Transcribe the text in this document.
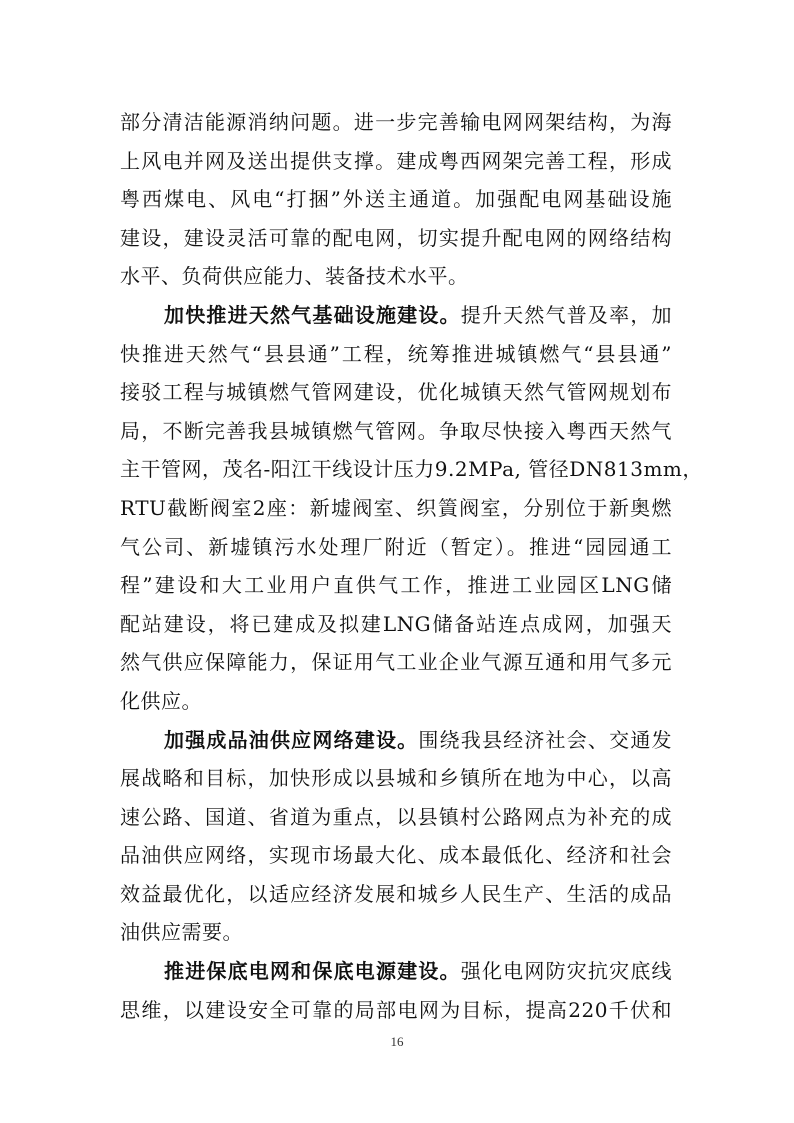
部分清洁能源消纳问题。进一步完善输电网网架结构，为海
上风电并网及送出提供支撑。建成粤西网架完善工程，形成
粤西煤电、风电“打捆”外送主通道。加强配电网基础设施
建设，建设灵活可靠的配电网，切实提升配电网的网络结构
水平、负荷供应能力、装备技术水平。
加快推进天然气基础设施建设。提升天然气普及率，加
快推进天然气“县县通”工程，统筹推进城镇燃气“县县通”
接驳工程与城镇燃气管网建设，优化城镇天然气管网规划布
局，不断完善我县城镇燃气管网。争取尽快接入粤西天然气
主干管网，茂名-阳江干线设计压力9.2MPa, 管径DN813mm，
RTU截断阀室2座：新墟阀室、织篢阀室，分别位于新奥燃
气公司、新墟镇污水处理厂附近（暂定）。推进“园园通工
程”建设和大工业用户直供气工作，推进工业园区LNG储
配站建设，将已建成及拟建LNG储备站连点成网，加强天
然气供应保障能力，保证用气工业企业气源互通和用气多元
化供应。
加强成品油供应网络建设。围绕我县经济社会、交通发
展战略和目标，加快形成以县城和乡镇所在地为中心，以高
速公路、国道、省道为重点，以县镇村公路网点为补充的成
品油供应网络，实现市场最大化、成本最低化、经济和社会
效益最优化，以适应经济发展和城乡人民生产、生活的成品
油供应需要。
推进保底电网和保底电源建设。强化电网防灾抗灾底线
思维，以建设安全可靠的局部电网为目标，提高220千伏和
16
